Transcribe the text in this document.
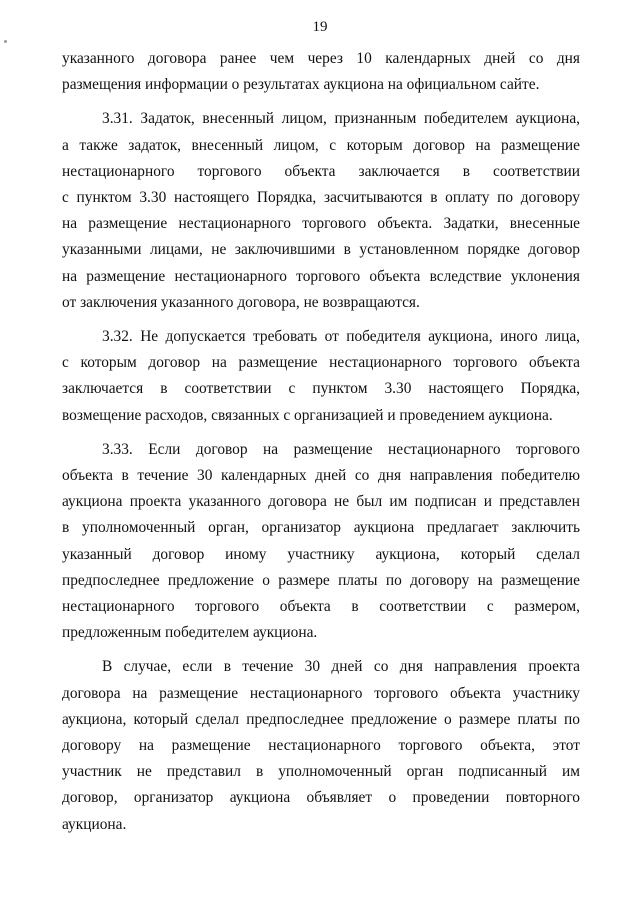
19

указанного договора ранее чем через 10 календарных дней со дня
размещения информации о результатах аукциона на официальном сайте.

3.31. Задаток, внесенный лицом, признанным победителем аукциона,
а также задаток, внесенный лицом, с которым договор на размещение
нестационарного торгового объекта заключается в соответствии
с пунктом 3.30 настоящего Порядка, засчитываются в оплату по договору
на размещение нестационарного торгового объекта. Задатки, внесенные
указанными лицами, не заключившими в установленном порядке договор
на размещение нестационарного торгового объекта вследствие уклонения
от заключения указанного договора, не возвращаются.

3.32. Не допускается требовать от победителя аукциона, иного лица,
с которым договор на размещение нестационарного торгового объекта
заключается в соответствии с пунктом 3.30 настоящего Порядка,
возмещение расходов, связанных с организацией и проведением аукциона.

3.33. Если договор на размещение нестационарного торгового
объекта в течение 30 календарных дней со дня направления победителю
аукциона проекта указанного договора не был им подписан и представлен
в уполномоченный орган, организатор аукциона предлагает заключить
указанный договор иному участнику аукциона, который сделал
предпоследнее предложение о размере платы по договору на размещение
нестационарного торгового объекта в соответствии с размером,
предложенным победителем аукциона.

В случае, если в течение 30 дней со дня направления проекта
договора на размещение нестационарного торгового объекта участнику
аукциона, который сделал предпоследнее предложение о размере платы по
договору на размещение нестационарного торгового объекта, этот
участник не представил в уполномоченный орган подписанный им
договор, организатор аукциона объявляет о проведении повторного
аукциона.
